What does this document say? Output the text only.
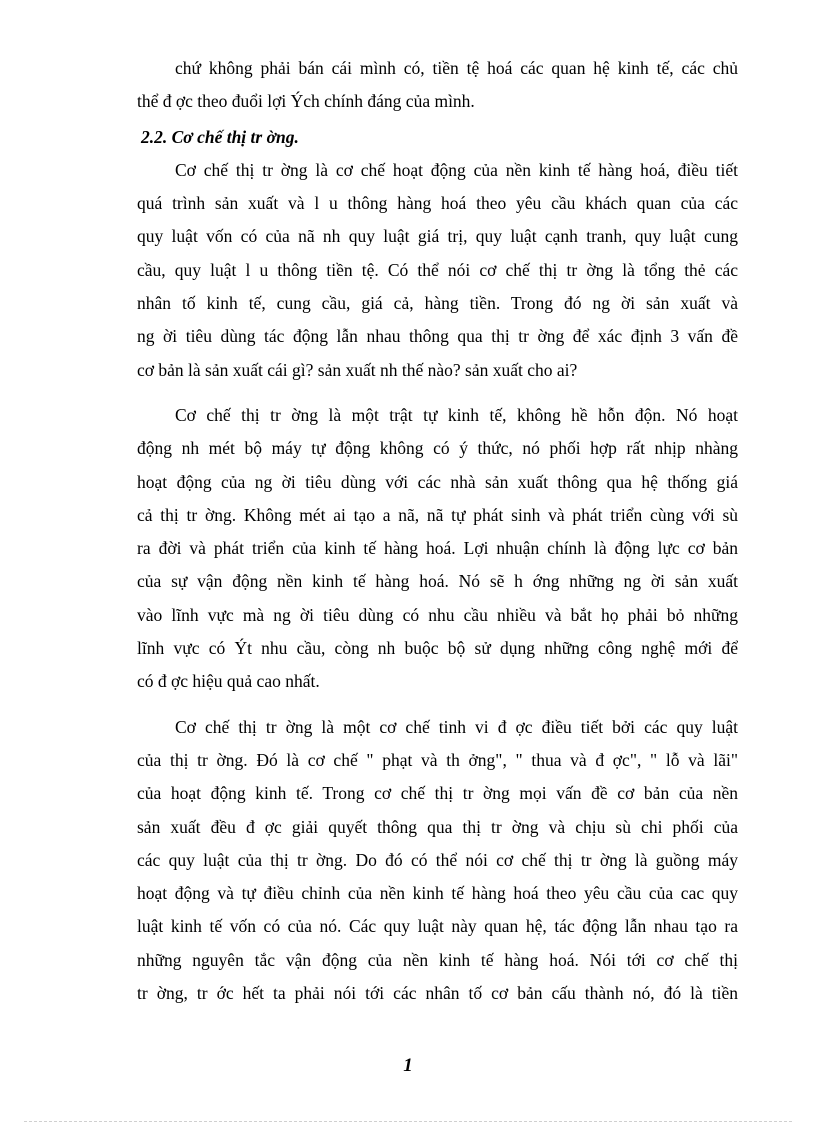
chứ không phải bán cái mình có, tiền tệ hoá các quan hệ kinh tế, các chủ
thể đ ợc theo đuổi lợi Ých chính đáng của mình.
2.2. Cơ chế thị tr ờng.
Cơ chế thị tr ờng là cơ chế hoạt động của nền kinh tế hàng hoá, điều tiết
quá trình sản xuất và l u thông hàng hoá theo yêu cầu khách quan của các
quy luật vốn có của nã nh quy luật giá trị, quy luật cạnh tranh, quy luật cung
cầu, quy luật l u thông tiền tệ. Có thể nói cơ chế thị tr ờng là tổng thẻ các
nhân tố kinh tế, cung cầu, giá cả, hàng tiền. Trong đó ng ời sản xuất và
ng ời tiêu dùng tác động lẫn nhau thông qua thị tr ờng để xác định 3 vấn đề
cơ bản là sản xuất cái gì? sản xuất nh thế nào? sản xuất cho ai?
Cơ chế thị tr ờng là một trật tự kinh tế, không hề hỗn độn. Nó hoạt
động nh mét bộ máy tự động không có ý thức, nó phối hợp rất nhịp nhàng
hoạt động của ng ời tiêu dùng với các nhà sản xuất thông qua hệ thống giá
cả thị tr ờng. Không mét ai tạo a nã, nã tự phát sinh và phát triển cùng với sù
ra đời và phát triển của kinh tế hàng hoá. Lợi nhuận chính là động lực cơ bản
của sự vận động nền kinh tế hàng hoá. Nó sẽ h ớng những ng ời sản xuất
vào lĩnh vực mà ng ời tiêu dùng có nhu cầu nhiều và bắt họ phải bỏ những
lĩnh vực có Ýt nhu cầu, còng nh buộc bộ sử dụng những công nghệ mới để
có đ ợc hiệu quả cao nhất.
Cơ chế thị tr ờng là một cơ chế tinh vi đ ợc điều tiết bởi các quy luật
của thị tr ờng. Đó là cơ chế " phạt và th ởng", " thua và đ ợc", " lỗ và lãi"
của hoạt động kinh tế. Trong cơ chế thị tr ờng mọi vấn đề cơ bản của nền
sản xuất đều đ ợc giải quyết thông qua thị tr ờng và chịu sù chi phối của
các quy luật của thị tr ờng. Do đó có thể nói cơ chế thị tr ờng là guồng máy
hoạt động và tự điều chỉnh của nền kinh tế hàng hoá theo yêu cầu của cac quy
luật kinh tế vốn có của nó. Các quy luật này quan hệ, tác động lẫn nhau tạo ra
những nguyên tắc vận động của nền kinh tế hàng hoá. Nói tới cơ chế thị
tr ờng, tr ớc hết ta phải nói tới các nhân tố cơ bản cấu thành nó, đó là tiền
1
